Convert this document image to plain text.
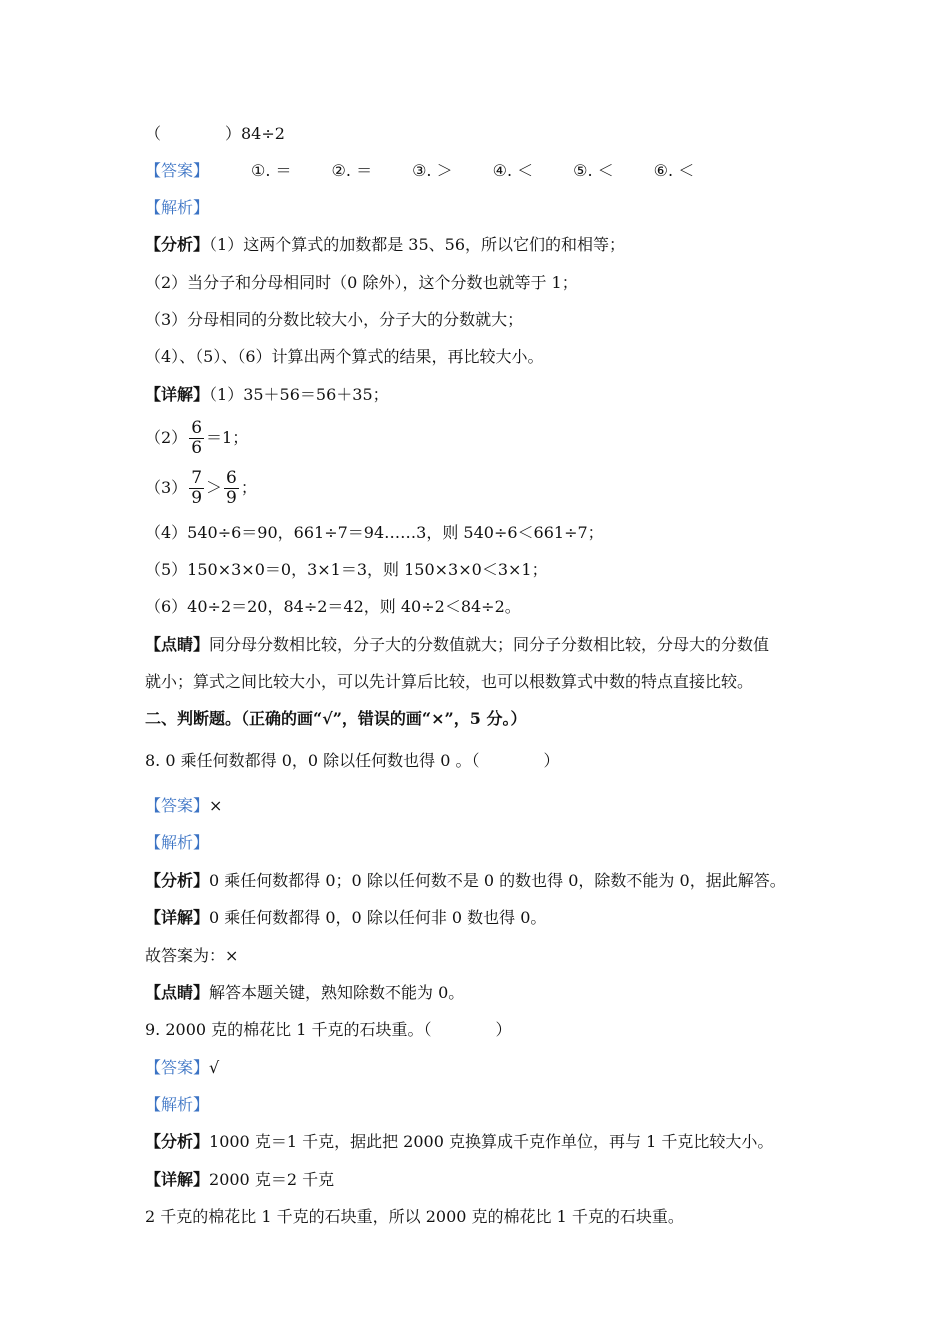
（　　　　）84÷2
【答案】	①. ＝	②. ＝	③. ＞	④. ＜	⑤. ＜	⑥. ＜
【解析】
【分析】（1）这两个算式的加数都是 35、56，所以它们的和相等；
（2）当分子和分母相同时（0 除外），这个分数也就等于 1；
（3）分母相同的分数比较大小，分子大的分数就大；
（4）、（5）、（6）计算出两个算式的结果，再比较大小。
【详解】（1）35＋56＝56＋35；
$(2) \frac{6}{6} =1$；
$(3) \frac{7}{9} > \frac{6}{9}$ ；
（4）540÷6＝90，661÷7＝94……3，则 540÷6＜661÷7；
（5）150×3×0＝0，3×1＝3，则 150×3×0＜3×1；
（6）40÷2＝20，84÷2＝42，则 40÷2＜84÷2。
【点睛】同分母分数相比较，分子大的分数值就大；同分子分数相比较，分母大的分数值
就小；算式之间比较大小，可以先计算后比较，也可以根数算式中数的特点直接比较。
二、判断题。（正确的画“√”，错误的画“×”，5 分。）
8. 0 乘任何数都得 0，0 除以任何数也得 0 。（　　　　）
【答案】×
【解析】
【分析】0 乘任何数都得 0；0 除以任何数不是 0 的数也得 0，除数不能为 0，据此解答。
【详解】0 乘任何数都得 0，0 除以任何非 0 数也得 0。
故答案为：×
【点睛】解答本题关键，熟知除数不能为 0。
9. 2000 克的棉花比 1 千克的石块重。（　　　　）
【答案】√
【解析】
【分析】1000 克＝1 千克，据此把 2000 克换算成千克作单位，再与 1 千克比较大小。
【详解】2000 克＝2 千克
2 千克的棉花比 1 千克的石块重，所以 2000 克的棉花比 1 千克的石块重。
